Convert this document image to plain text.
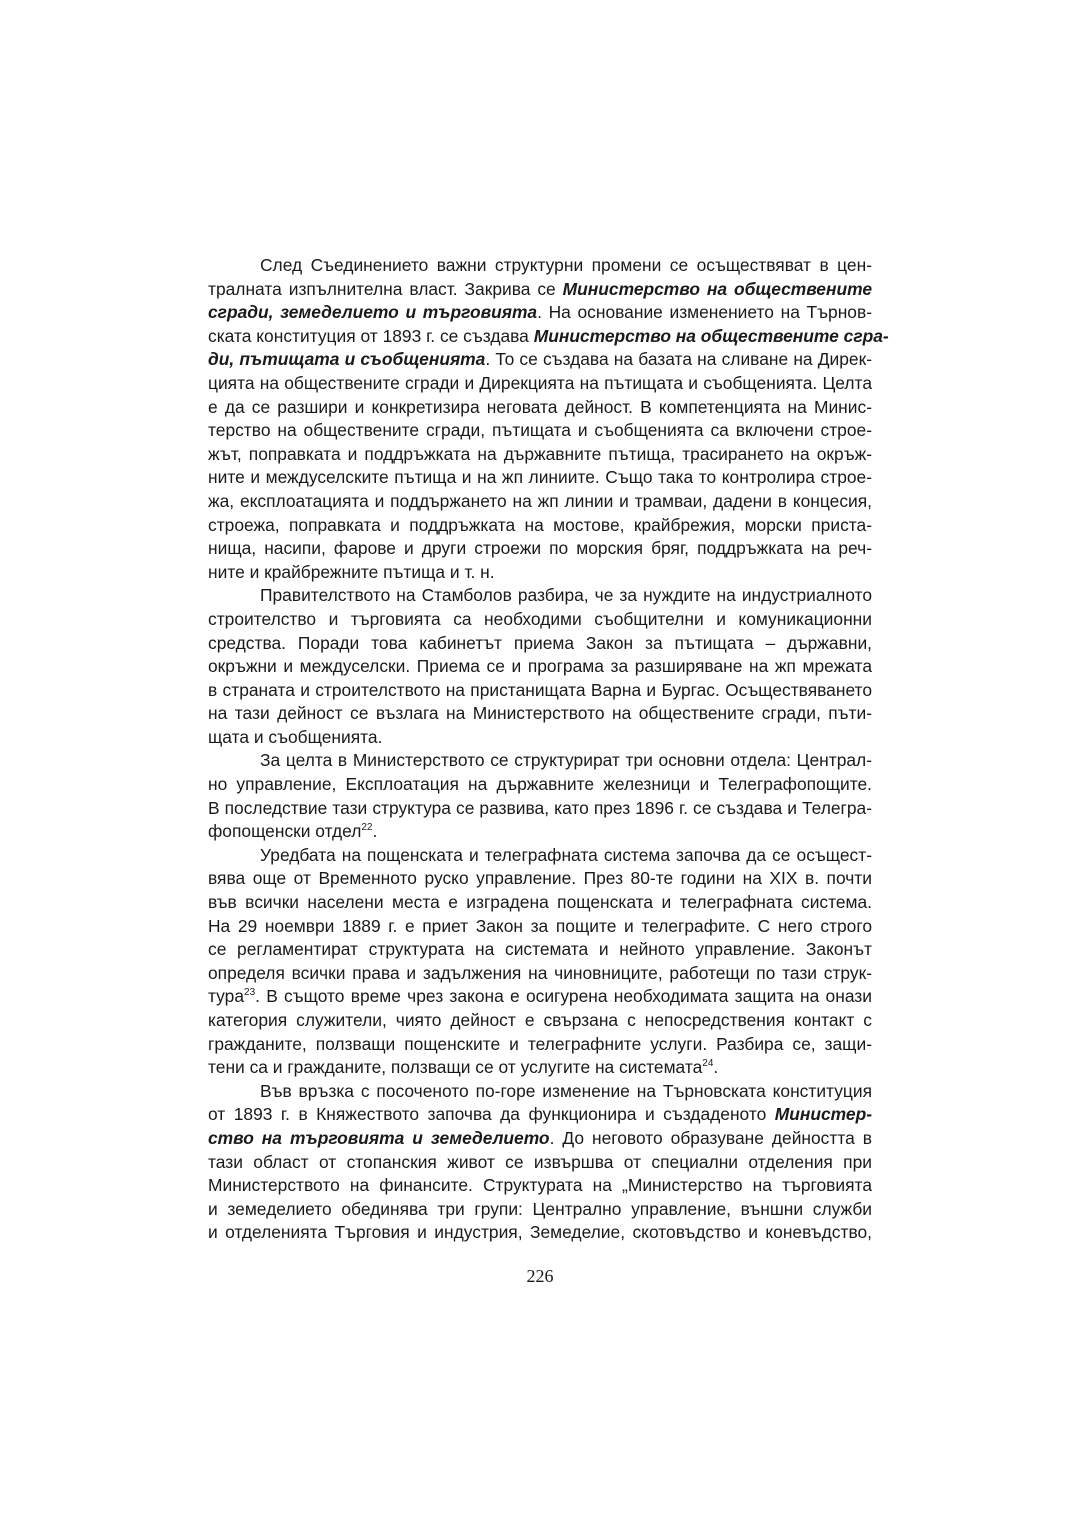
След Съединението важни структурни промени се осъществяват в цен-
тралната изпълнителна власт. Закрива се Министерство на обществените
сгради, земеделието и търговията. На основание изменението на Търнов-
ската конституция от 1893 г. се създава Министерство на обществените сгра-
ди, пътищата и съобщенията. То се създава на базата на сливане на Дирек-
цията на обществените сгради и Дирекцията на пътищата и съобщенията. Целта
е да се разшири и конкретизира неговата дейност. В компетенцията на Минис-
терство на обществените сгради, пътищата и съобщенията са включени строе-
жът, поправката и поддръжката на държавните пътища, трасирането на окръж-
ните и междуселските пътища и на жп линиите. Също така то контролира строе-
жа, експлоатацията и поддържането на жп линии и трамваи, дадени в концесия,
строежа, поправката и поддръжката на мостове, крайбрежия, морски приста-
нища, насипи, фарове и други строежи по морския бряг, поддръжката на реч-
ните и крайбрежните пътища и т. н.
Правителството на Стамболов разбира, че за нуждите на индустриалното
строителство и търговията са необходими съобщителни и комуникационни
средства. Поради това кабинетът приема Закон за пътищата – държавни,
окръжни и междуселски. Приема се и програма за разширяване на жп мрежата
в страната и строителството на пристанищата Варна и Бургас. Осъществяването
на тази дейност се възлага на Министерството на обществените сгради, пъти-
щата и съобщенията.
За целта в Министерството се структурират три основни отдела: Централ-
но управление, Експлоатация на държавните железници и Телеграфопощите.
В последствие тази структура се развива, като през 1896 г. се създава и Телегра-
фопощенски отдел$^{22}$.
Уредбата на пощенската и телеграфната система започва да се осъщест-
вява още от Временното руско управление. През 80-те години на XIX в. почти
във всички населени места е изградена пощенската и телеграфната система.
На 29 ноември 1889 г. е приет Закон за пощите и телеграфите. С него строго
се регламентират структурата на системата и нейното управление. Законът
определя всички права и задължения на чиновниците, работещи по тази струк-
тура$^{23}$. В същото време чрез закона е осигурена необходимата защита на онази
категория служители, чиято дейност е свързана с непосредствения контакт с
гражданите, ползващи пощенските и телеграфните услуги. Разбира се, защи-
тени са и гражданите, ползващи се от услугите на системата$^{24}$.
Във връзка с посоченото по-горе изменение на Търновската конституция
от 1893 г. в Княжеството започва да функционира и създаденото Министер-
ство на търговията и земеделието. До неговото образуване дейността в
тази област от стопанския живот се извършва от специални отделения при
Министерството на финансите. Структурата на „Министерство на търговията
и земеделието обединява три групи: Централно управление, външни служби
и отделенията Търговия и индустрия, Земеделие, скотовъдство и коневъдство,
226
